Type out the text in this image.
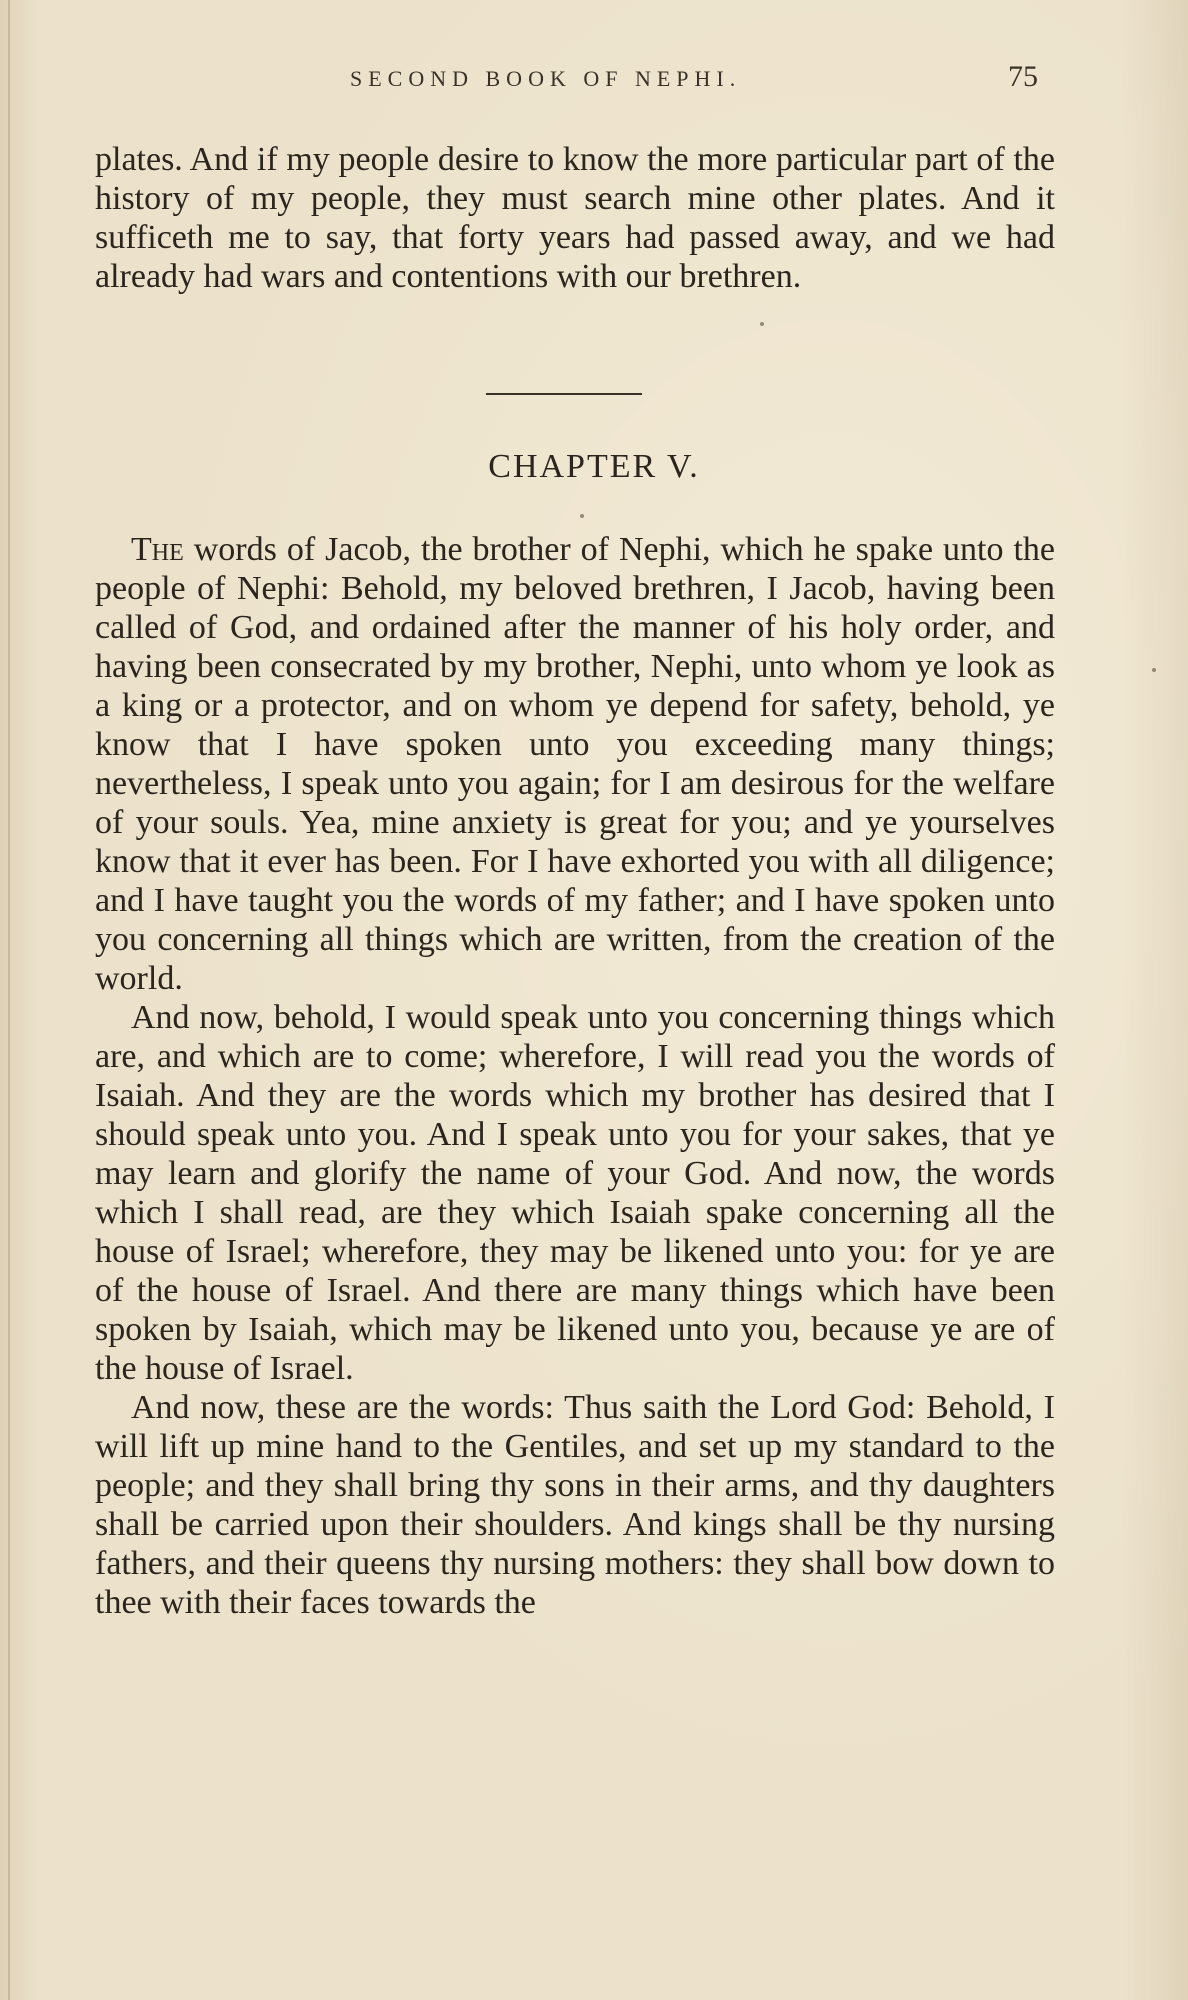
SECOND BOOK OF NEPHI.	75

plates. And if my people desire to know the more particular part of the history of my people, they must search mine other plates. And it sufficeth me to say, that forty years had passed away, and we had already had wars and contentions with our brethren.

CHAPTER V.

The words of Jacob, the brother of Nephi, which he spake unto the people of Nephi: Behold, my beloved brethren, I Jacob, having been called of God, and ordained after the manner of his holy order, and having been consecrated by my brother, Nephi, unto whom ye look as a king or a protector, and on whom ye depend for safety, behold, ye know that I have spoken unto you exceeding many things; nevertheless, I speak unto you again; for I am desirous for the welfare of your souls. Yea, mine anxiety is great for you; and ye yourselves know that it ever has been. For I have exhorted you with all diligence; and I have taught you the words of my father; and I have spoken unto you concerning all things which are written, from the creation of the world.

And now, behold, I would speak unto you concerning things which are, and which are to come; wherefore, I will read you the words of Isaiah. And they are the words which my brother has desired that I should speak unto you. And I speak unto you for your sakes, that ye may learn and glorify the name of your God. And now, the words which I shall read, are they which Isaiah spake concerning all the house of Israel; wherefore, they may be likened unto you: for ye are of the house of Israel. And there are many things which have been spoken by Isaiah, which may be likened unto you, because ye are of the house of Israel.

And now, these are the words: Thus saith the Lord God: Behold, I will lift up mine hand to the Gentiles, and set up my standard to the people; and they shall bring thy sons in their arms, and thy daughters shall be carried upon their shoulders. And kings shall be thy nursing fathers, and their queens thy nursing mothers: they shall bow down to thee with their faces towards the
